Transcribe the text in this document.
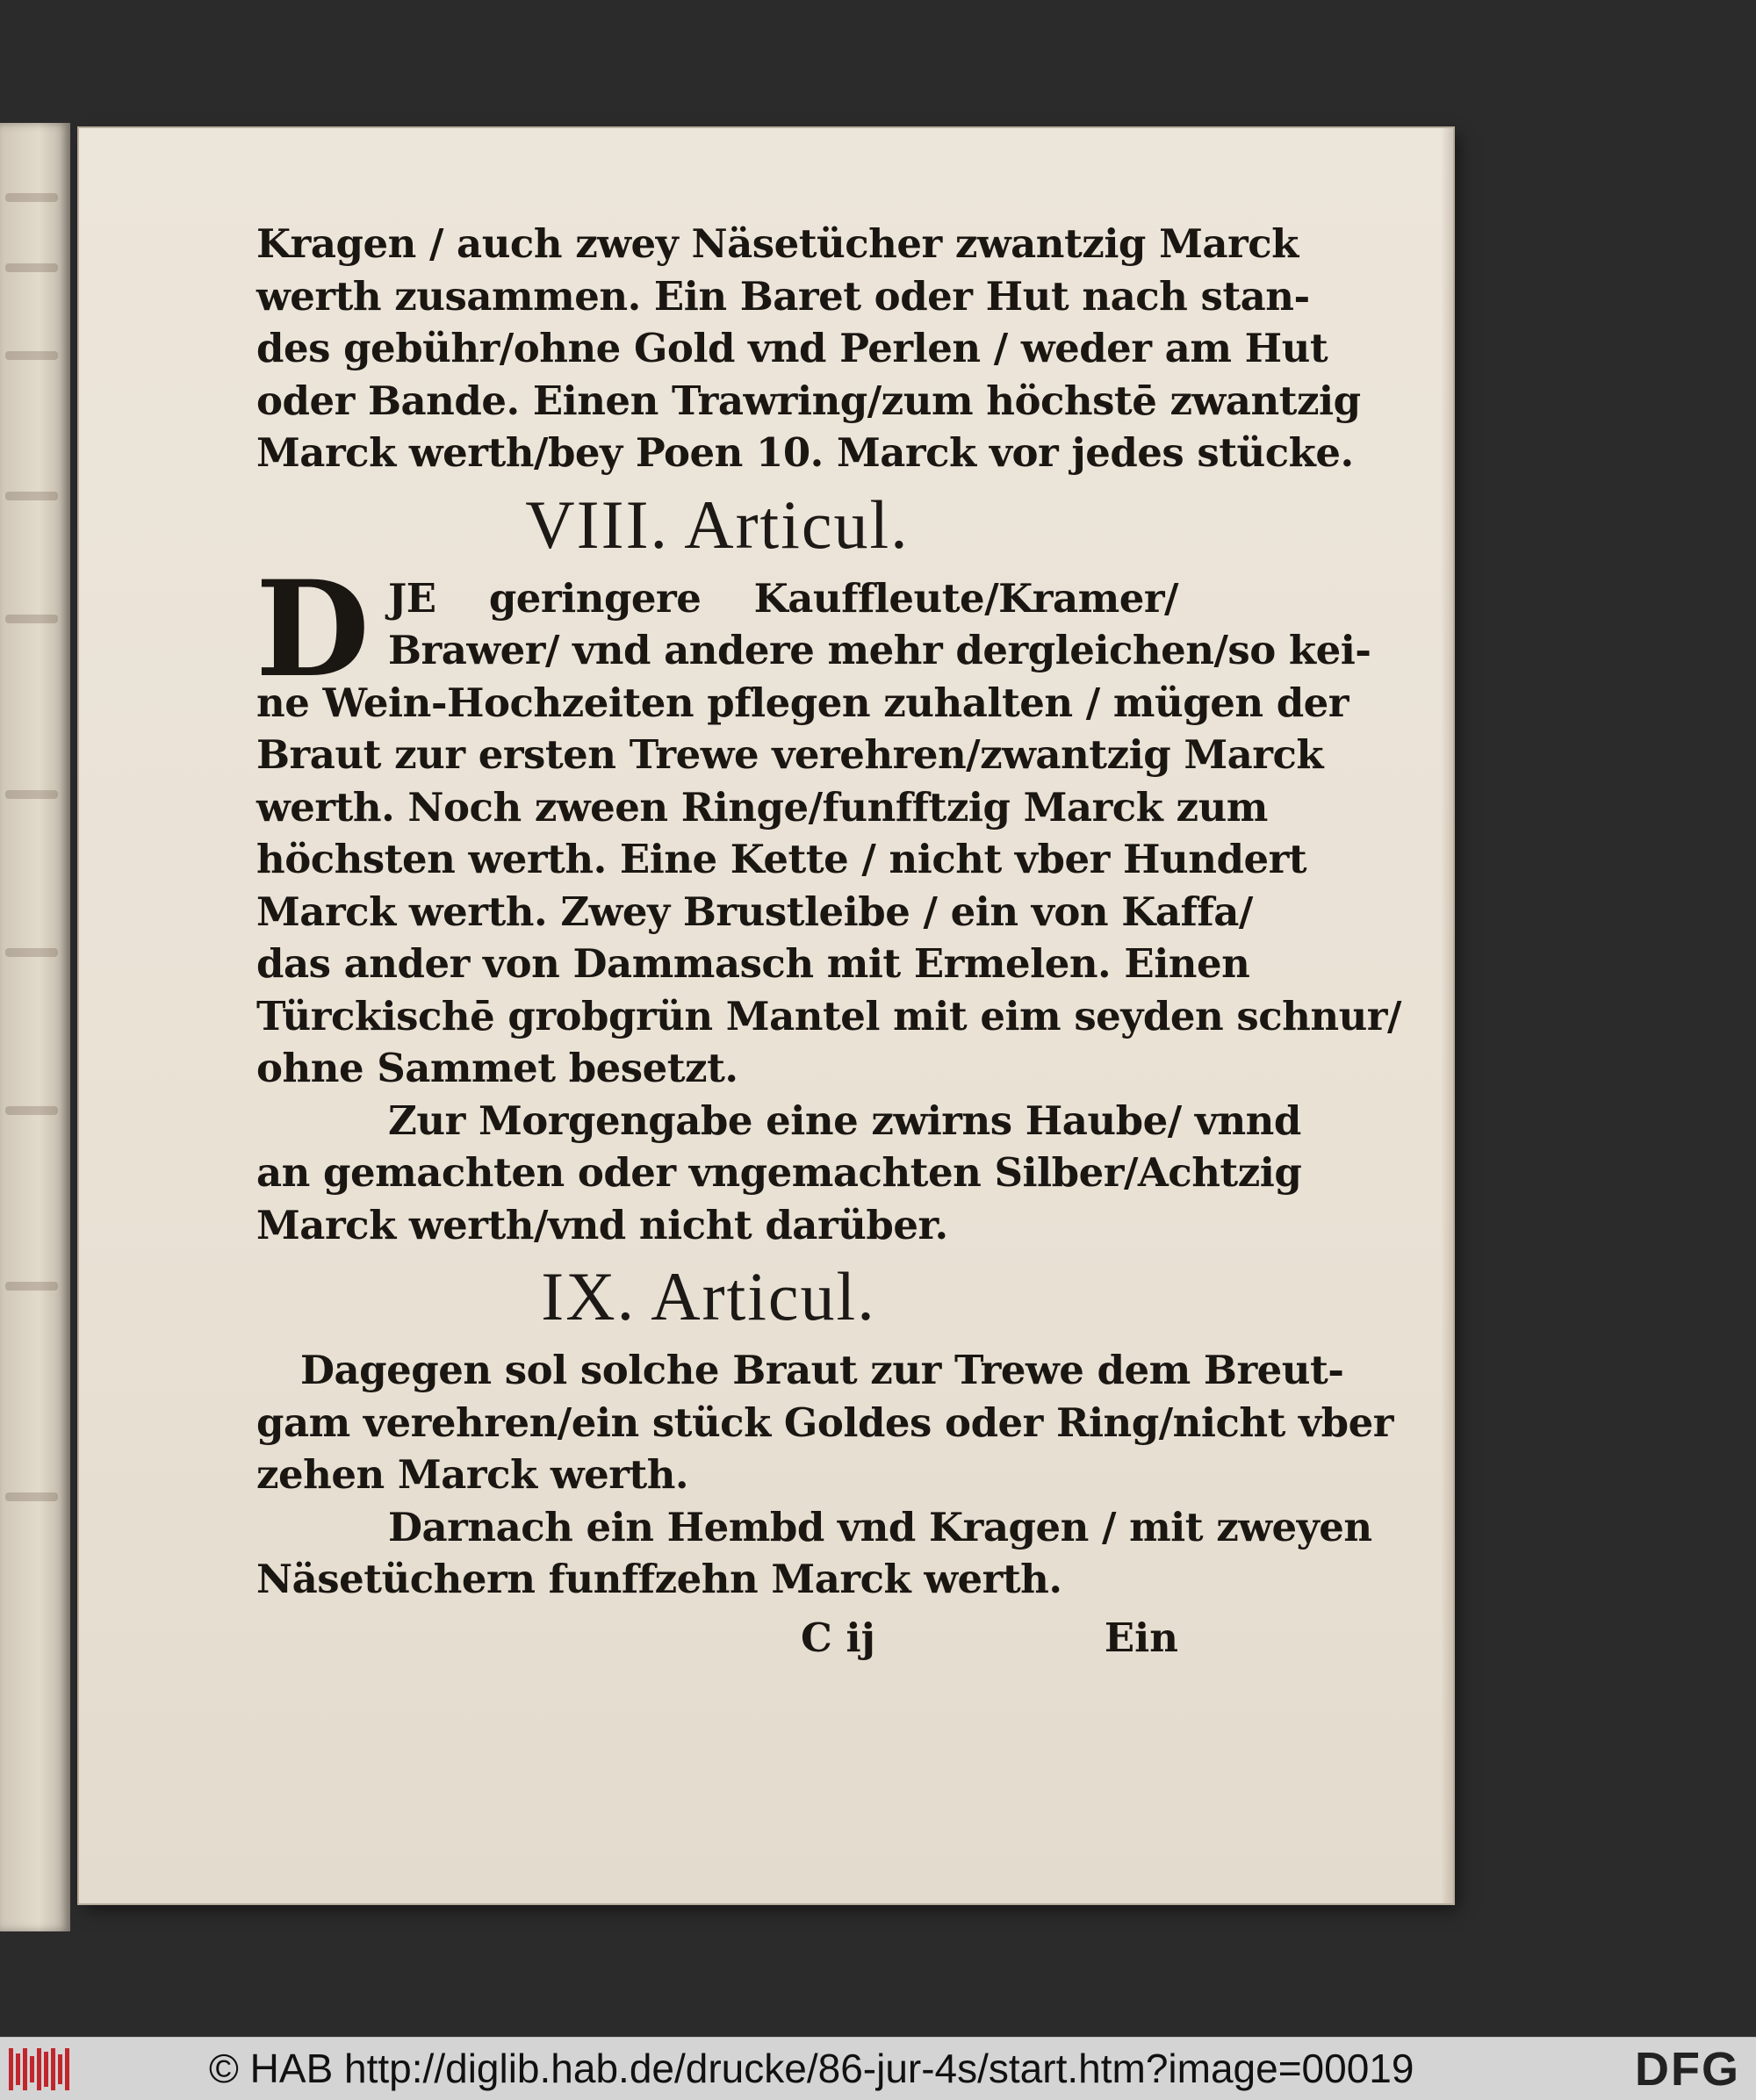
Kragen / auch zwey Näsetücher zwantzig Marck
werth zusammen. Ein Baret oder Hut nach stan-
des gebühr/ohne Gold vnd Perlen / weder am Hut
oder Bande. Einen Trawring/zum höchstē zwantzig
Marck werth/bey Poen 10. Marck vor jedes stücke.
VIII. Articul.
D JE geringere Kauffleute/Kramer/
Brawer/ vnd andere mehr dergleichen/so kei-
ne Wein-Hochzeiten pflegen zuhalten / mügen der
Braut zur ersten Trewe verehren/zwantzig Marck
werth. Noch zween Ringe/funfftzig Marck zum
höchsten werth. Eine Kette / nicht vber Hundert
Marck werth. Zwey Brustleibe / ein von Kaffa/
das ander von Dammasch mit Ermelen. Einen
Türckischē grobgrün Mantel mit eim seyden schnur/
ohne Sammet besetzt.
Zur Morgengabe eine zwirns Haube/ vnnd
an gemachten oder vngemachten Silber/Achtzig
Marck werth/vnd nicht darüber.
IX. Articul.
Dagegen sol solche Braut zur Trewe dem Breut-
gam verehren/ein stück Goldes oder Ring/nicht vber
zehen Marck werth.
Darnach ein Hembd vnd Kragen / mit zweyen
Näsetüchern funffzehn Marck werth.
C ij	Ein
© HAB http://diglib.hab.de/drucke/86-jur-4s/start.htm?image=00019	DFG
